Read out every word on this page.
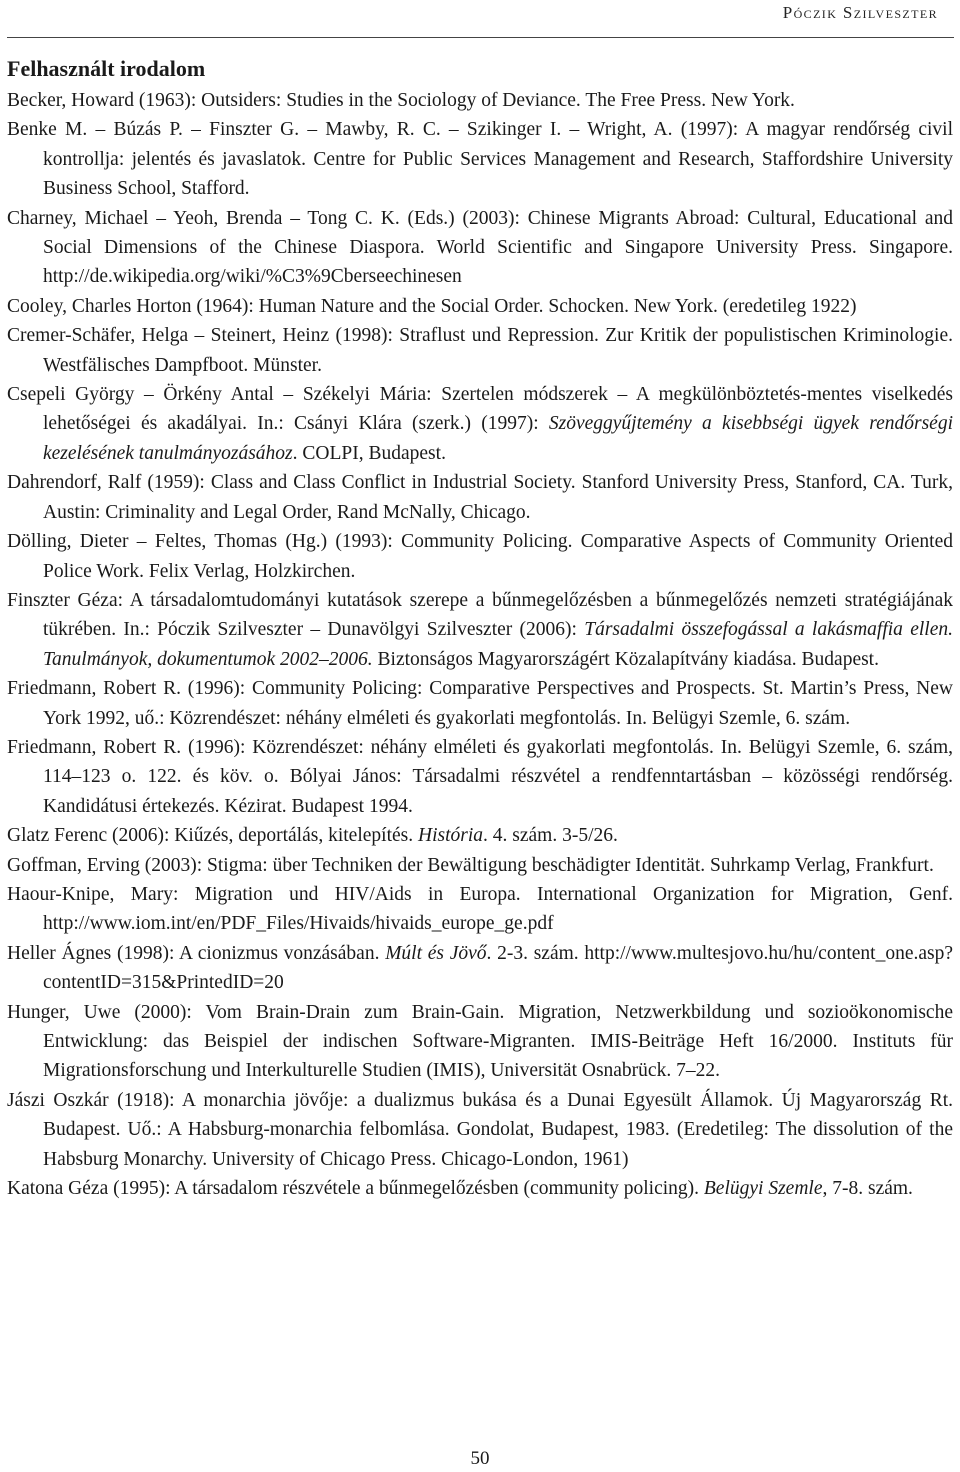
Póczik Szilveszter
Felhasznált irodalom
Becker, Howard (1963): Outsiders: Studies in the Sociology of Deviance. The Free Press. New York.
Benke M. – Búzás P. – Finszter G. – Mawby, R. C. – Szikinger I. – Wright, A. (1997): A magyar rendőrség civil kontrollja: jelentés és javaslatok. Centre for Public Services Management and Research, Staffordshire University Business School, Stafford.
Charney, Michael – Yeoh, Brenda – Tong C. K. (Eds.) (2003): Chinese Migrants Abroad: Cultural, Educational and Social Dimensions of the Chinese Diaspora. World Scientific and Singapore University Press. Singapore. http://de.wikipedia.org/wiki/%C3%9Cberseechinesen
Cooley, Charles Horton (1964): Human Nature and the Social Order. Schocken. New York. (eredetileg 1922)
Cremer-Schäfer, Helga – Steinert, Heinz (1998): Straflust und Repression. Zur Kritik der populistischen Kriminologie. Westfälisches Dampfboot. Münster.
Csepeli György – Örkény Antal – Székelyi Mária: Szertelen módszerek – A megkülönböztetés-mentes viselkedés lehetőségei és akadályai. In.: Csányi Klára (szerk.) (1997): Szöveggyűjtemény a kisebbségi ügyek rendőrségi kezelésének tanulmányozásához. COLPI, Budapest.
Dahrendorf, Ralf (1959): Class and Class Conflict in Industrial Society. Stanford University Press, Stanford, CA. Turk, Austin: Criminality and Legal Order, Rand McNally, Chicago.
Dölling, Dieter – Feltes, Thomas (Hg.) (1993): Community Policing. Comparative Aspects of Community Oriented Police Work. Felix Verlag, Holzkirchen.
Finszter Géza: A társadalomtudományi kutatások szerepe a bűnmegelőzésben a bűnmegelőzés nemzeti stratégiájának tükrében. In.: Póczik Szilveszter – Dunavölgyi Szilveszter (2006): Társadalmi összefogással a lakásmaffia ellen. Tanulmányok, dokumentumok 2002–2006. Biztonságos Magyarországért Közalapítvány kiadása. Budapest.
Friedmann, Robert R. (1996): Community Policing: Comparative Perspectives and Prospects. St. Martin’s Press, New York 1992, uő.: Közrendészet: néhány elméleti és gyakorlati megfontolás. In. Belügyi Szemle, 6. szám.
Friedmann, Robert R. (1996): Közrendészet: néhány elméleti és gyakorlati megfontolás. In. Belügyi Szemle, 6. szám, 114–123 o. 122. és köv. o. Bólyai János: Társadalmi részvétel a rendfenntartásban – közösségi rendőrség. Kandidátusi értekezés. Kézirat. Budapest 1994.
Glatz Ferenc (2006): Kiűzés, deportálás, kitelepítés. História. 4. szám. 3-5/26.
Goffman, Erving (2003): Stigma: über Techniken der Bewältigung beschädigter Identität. Suhrkamp Verlag, Frankfurt.
Haour-Knipe, Mary: Migration und HIV/Aids in Europa. International Organization for Migration, Genf. http://www.iom.int/en/PDF_Files/Hivaids/hivaids_europe_ge.pdf
Heller Ágnes (1998): A cionizmus vonzásában. Múlt és Jövő. 2-3. szám. http://www.multesjovo.hu/hu/content_one.asp?contentID=315&PrintedID=20
Hunger, Uwe (2000): Vom Brain-Drain zum Brain-Gain. Migration, Netzwerkbildung und sozioökonomische Entwicklung: das Beispiel der indischen Software-Migranten. IMIS-Beiträge Heft 16/2000. Instituts für Migrationsforschung und Interkulturelle Studien (IMIS), Universität Osnabrück. 7–22.
Jászi Oszkár (1918): A monarchia jövője: a dualizmus bukása és a Dunai Egyesült Államok. Új Magyarország Rt. Budapest. Uő.: A Habsburg-monarchia felbomlása. Gondolat, Budapest, 1983. (Eredetileg: The dissolution of the Habsburg Monarchy. University of Chicago Press. Chicago-London, 1961)
Katona Géza (1995): A társadalom részvétele a bűnmegelőzésben (community policing). Belügyi Szemle, 7-8. szám.
50
